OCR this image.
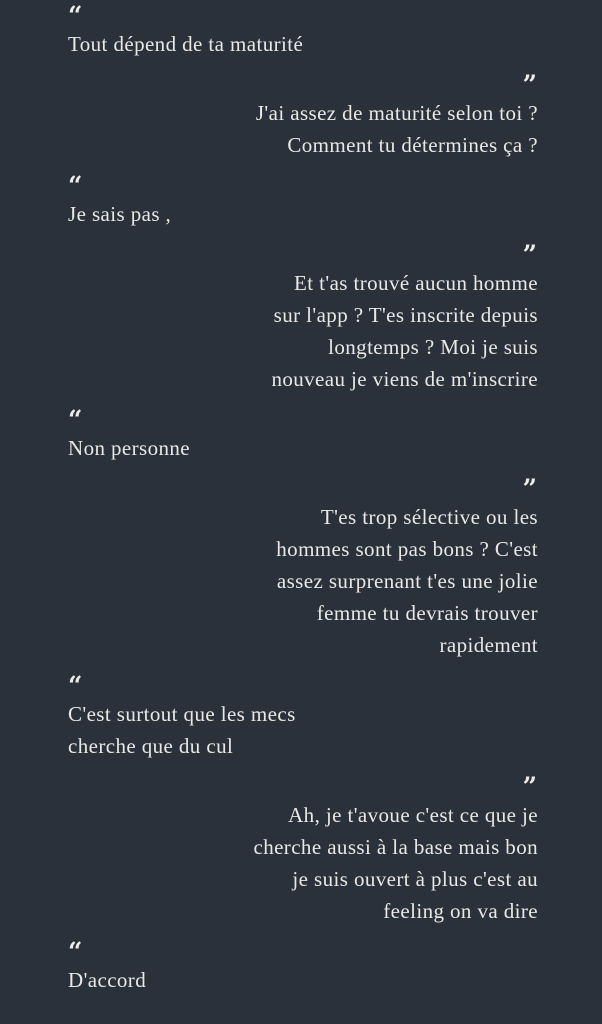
“
Tout dépend de ta maturité
”
J'ai assez de maturité selon toi ?
Comment tu détermines ça ?
“
Je sais pas ,
”
Et t'as trouvé aucun homme
sur l'app ? T'es inscrite depuis
longtemps ? Moi je suis
nouveau je viens de m'inscrire
“
Non personne
”
T'es trop sélective ou les
hommes sont pas bons ? C'est
assez surprenant t'es une jolie
femme tu devrais trouver
rapidement
“
C'est surtout que les mecs
cherche que du cul
”
Ah, je t'avoue c'est ce que je
cherche aussi à la base mais bon
je suis ouvert à plus c'est au
feeling on va dire
“
D'accord
